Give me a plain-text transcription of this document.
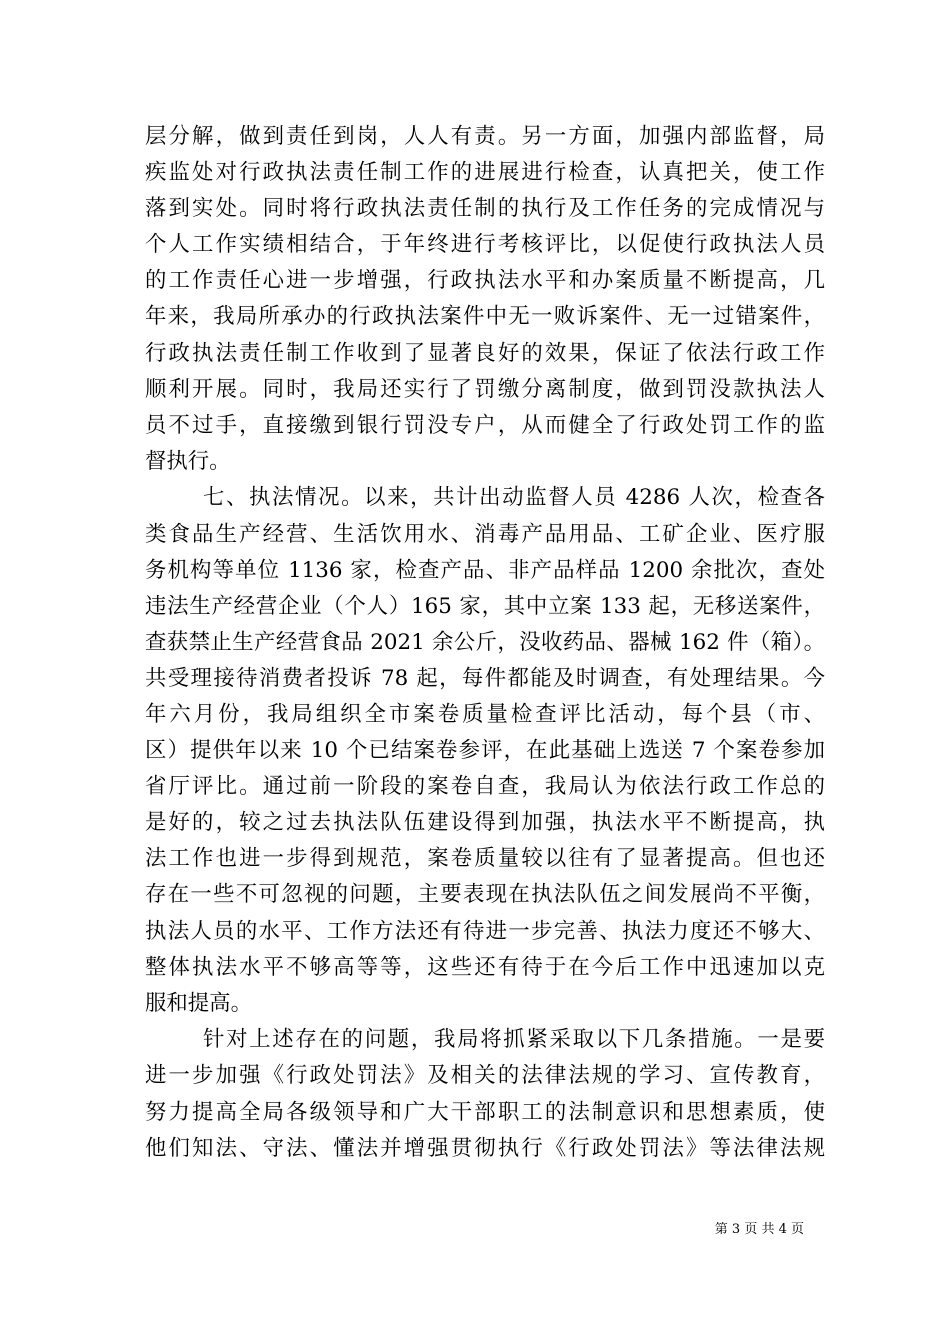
层分解，做到责任到岗，人人有责。另一方面，加强内部监督，局
疾监处对行政执法责任制工作的进展进行检查，认真把关，使工作
落到实处。同时将行政执法责任制的执行及工作任务的完成情况与
个人工作实绩相结合，于年终进行考核评比，以促使行政执法人员
的工作责任心进一步增强，行政执法水平和办案质量不断提高，几
年来，我局所承办的行政执法案件中无一败诉案件、无一过错案件，
行政执法责任制工作收到了显著良好的效果，保证了依法行政工作
顺利开展。同时，我局还实行了罚缴分离制度，做到罚没款执法人
员不过手，直接缴到银行罚没专户，从而健全了行政处罚工作的监
督执行。
七、执法情况。以来，共计出动监督人员 4286 人次，检查各
类食品生产经营、生活饮用水、消毒产品用品、工矿企业、医疗服
务机构等单位 1136 家，检查产品、非产品样品 1200 余批次，查处
违法生产经营企业（个人）165 家，其中立案 133 起，无移送案件，
查获禁止生产经营食品 2021 余公斤，没收药品、器械 162 件（箱）。
共受理接待消费者投诉 78 起，每件都能及时调查，有处理结果。今
年六月份，我局组织全市案卷质量检查评比活动，每个县（市、
区）提供年以来 10 个已结案卷参评，在此基础上选送 7 个案卷参加
省厅评比。通过前一阶段的案卷自查，我局认为依法行政工作总的
是好的，较之过去执法队伍建设得到加强，执法水平不断提高，执
法工作也进一步得到规范，案卷质量较以往有了显著提高。但也还
存在一些不可忽视的问题，主要表现在执法队伍之间发展尚不平衡，
执法人员的水平、工作方法还有待进一步完善、执法力度还不够大、
整体执法水平不够高等等，这些还有待于在今后工作中迅速加以克
服和提高。
针对上述存在的问题，我局将抓紧采取以下几条措施。一是要
进一步加强《行政处罚法》及相关的法律法规的学习、宣传教育，
努力提高全局各级领导和广大干部职工的法制意识和思想素质，使
他们知法、守法、懂法并增强贯彻执行《行政处罚法》等法律法规
第 3 页 共 4 页
